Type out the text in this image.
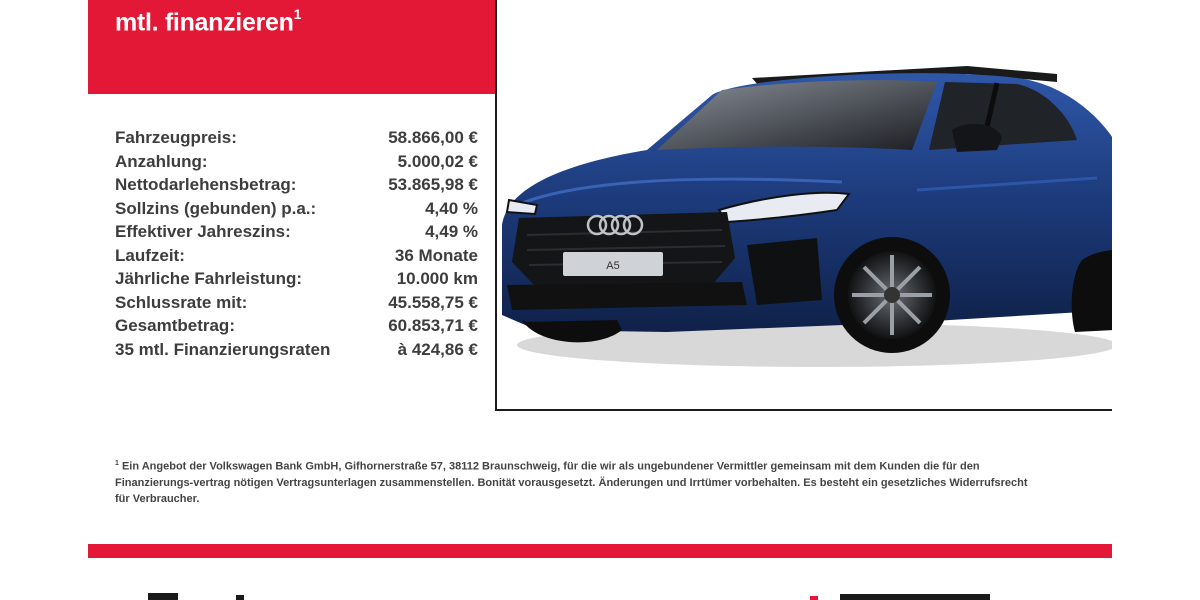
mtl. finanzieren$^1$
Fahrzeugpreis:	58.866,00 €
Anzahlung:	5.000,02 €
Nettodarlehensbetrag:	53.865,98 €
Sollzins (gebunden) p.a.:	4,40 %
Effektiver Jahreszins:	4,49 %
Laufzeit:	36 Monate
Jährliche Fahrleistung:	10.000 km
Schlussrate mit:	45.558,75 €
Gesamtbetrag:	60.853,71 €
35 mtl. Finanzierungsraten	à 424,86 €
A5
$^1$ Ein Angebot der Volkswagen Bank GmbH, Gifhornerstraße 57, 38112 Braunschweig, für die wir als ungebundener Vermittler gemeinsam mit dem Kunden die für den Finanzierungs-vertrag nötigen Vertragsunterlagen zusammenstellen. Bonität vorausgesetzt. Änderungen und Irrtümer vorbehalten. Es besteht ein gesetzliches Widerrufsrecht für Verbraucher.
